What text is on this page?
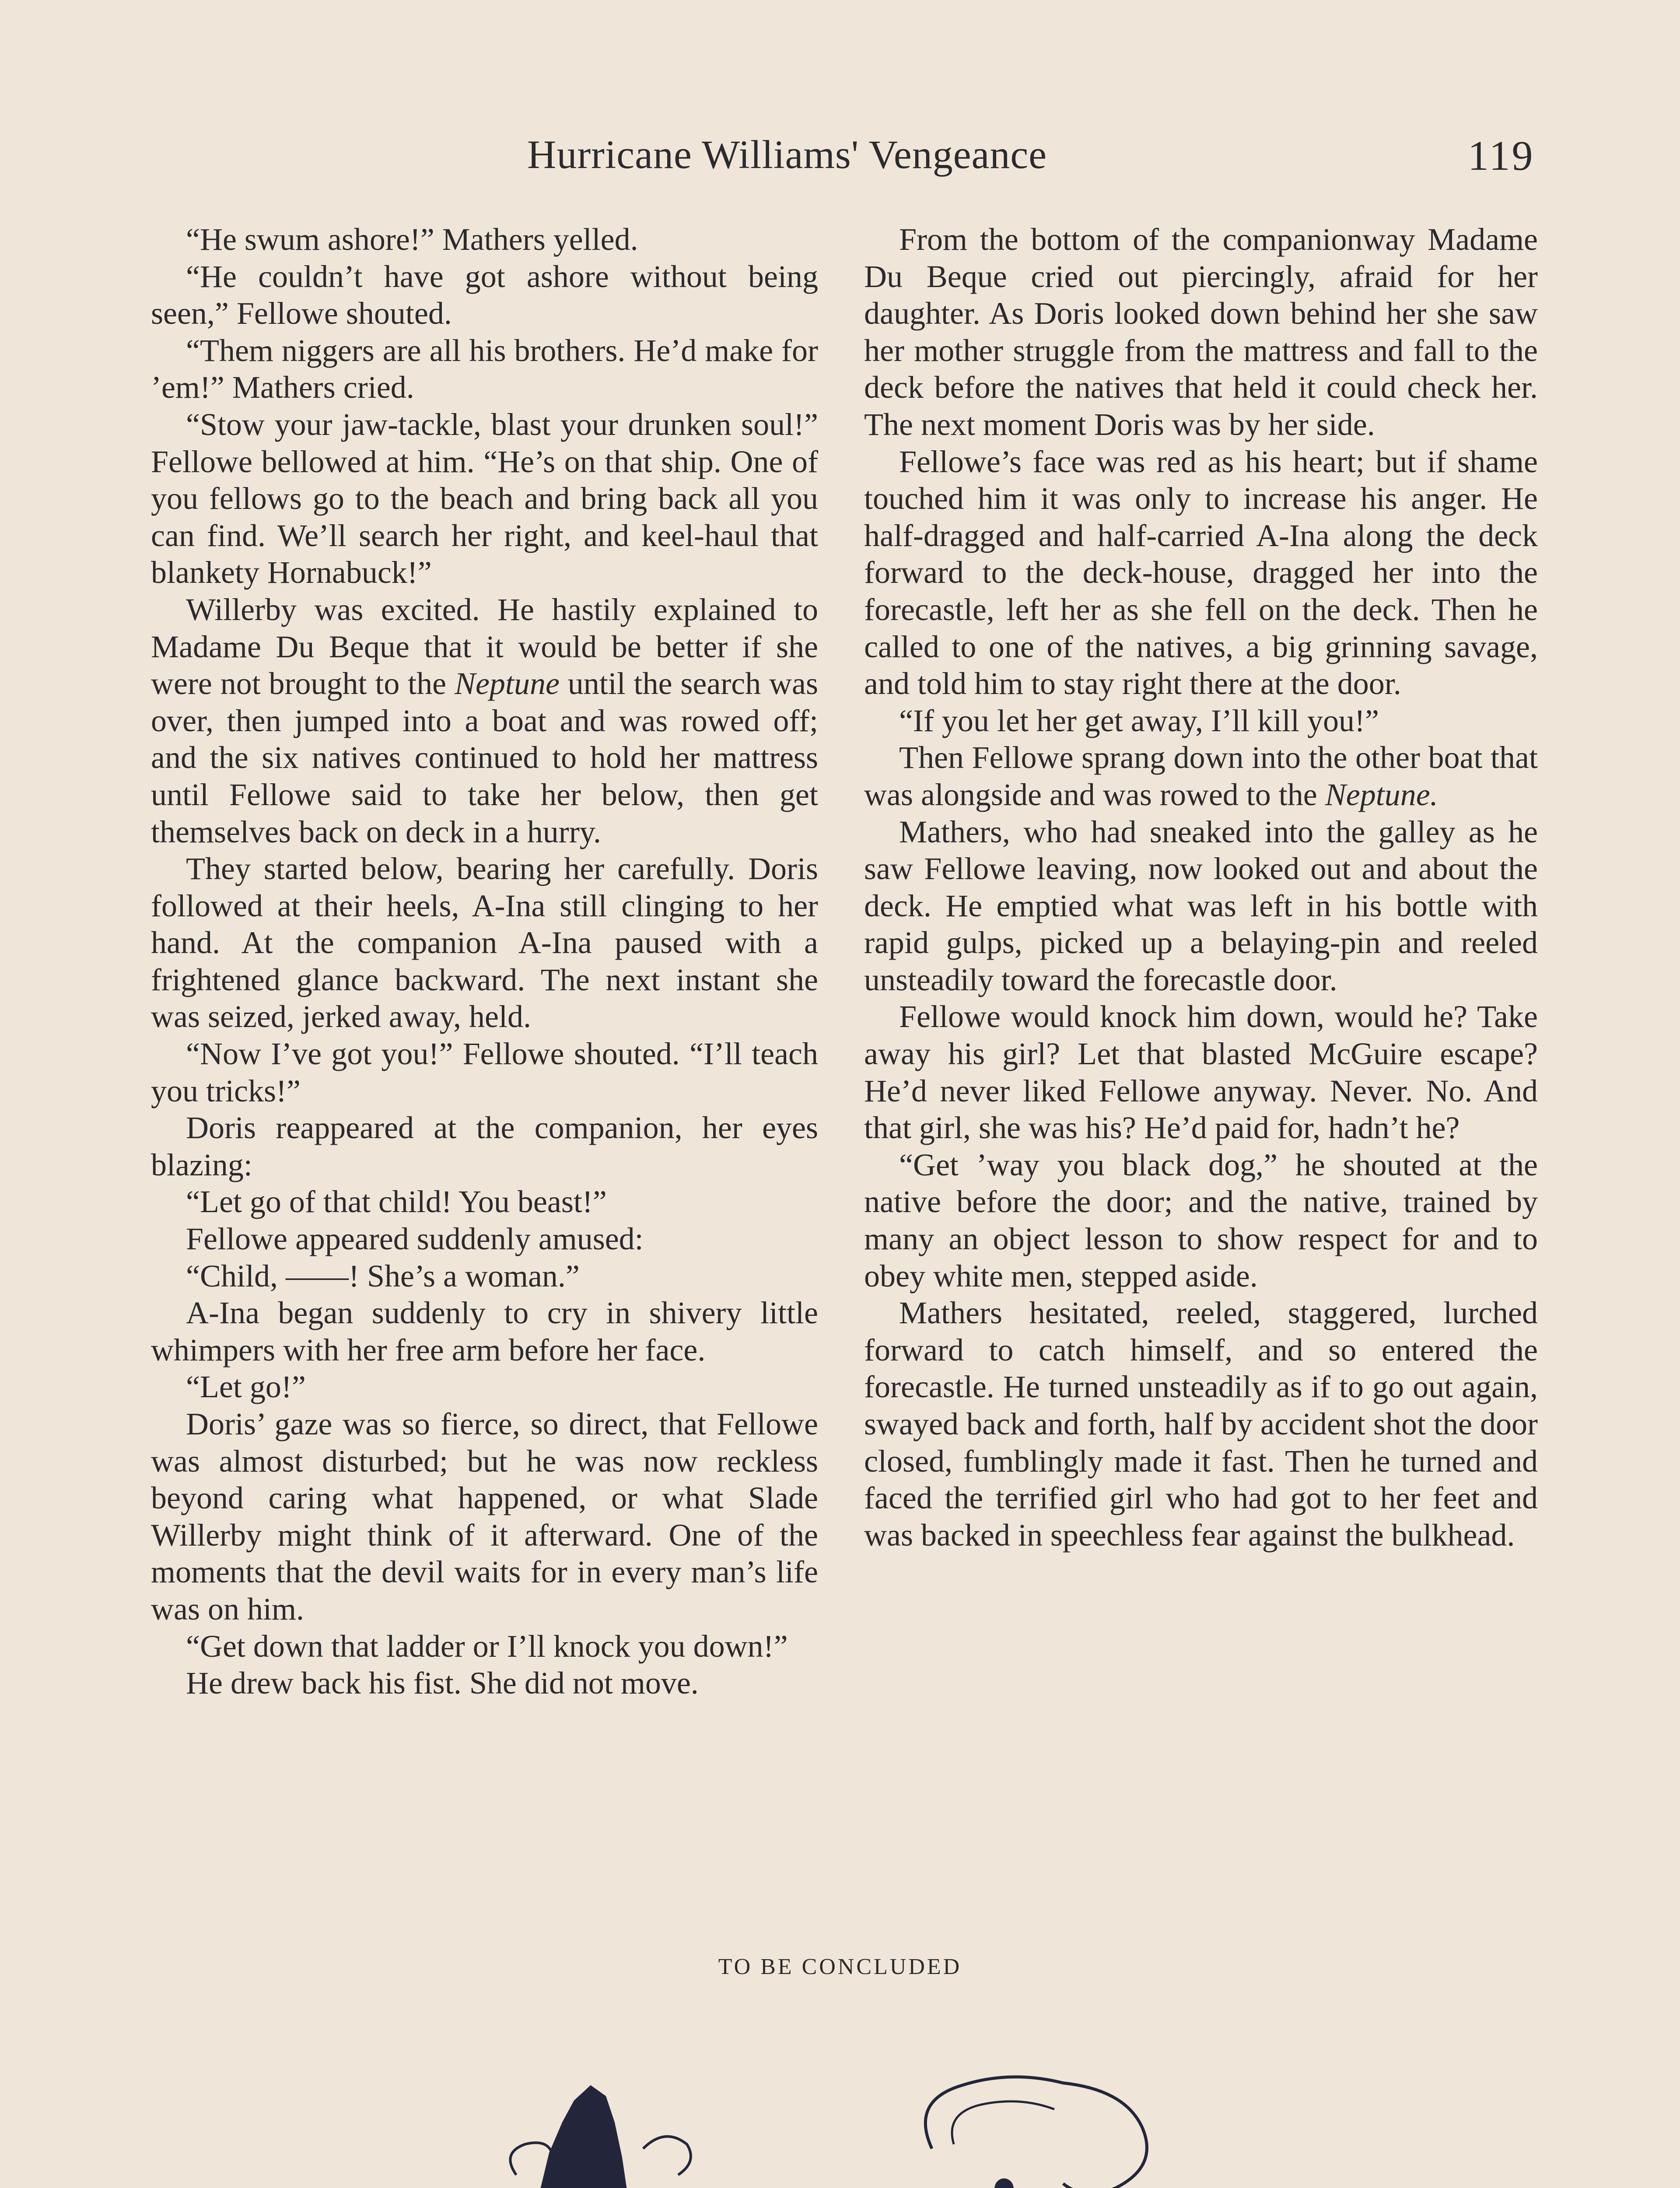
Hurricane Williams' Vengeance	119

“He swum ashore!” Mathers yelled.

“He couldn’t have got ashore without being seen,” Fellowe shouted.

“Them niggers are all his brothers. He’d make for ’em!” Mathers cried.

“Stow your jaw-tackle, blast your drunken soul!” Fellowe bellowed at him. “He’s on that ship. One of you fellows go to the beach and bring back all you can find. We’ll search her right, and keel-haul that blankety Hornabuck!”

Willerby was excited. He hastily explained to Madame Du Beque that it would be better if she were not brought to the Neptune until the search was over, then jumped into a boat and was rowed off; and the six natives continued to hold her mattress until Fellowe said to take her below, then get themselves back on deck in a hurry.

They started below, bearing her carefully. Doris followed at their heels, A-Ina still clinging to her hand. At the companion A-Ina paused with a frightened glance backward. The next instant she was seized, jerked away, held.

“Now I’ve got you!” Fellowe shouted. “I’ll teach you tricks!”

Doris reappeared at the companion, her eyes blazing:

“Let go of that child! You beast!”

Fellowe appeared suddenly amused:

“Child, ——! She’s a woman.”

A-Ina began suddenly to cry in shivery little whimpers with her free arm before her face.

“Let go!”

Doris’ gaze was so fierce, so direct, that Fellowe was almost disturbed; but he was now reckless beyond caring what happened, or what Slade Willerby might think of it afterward. One of the moments that the devil waits for in every man’s life was on him.

“Get down that ladder or I’ll knock you down!”

He drew back his fist. She did not move.

From the bottom of the companionway Madame Du Beque cried out piercingly, afraid for her daughter. As Doris looked down behind her she saw her mother struggle from the mattress and fall to the deck before the natives that held it could check her. The next moment Doris was by her side.

Fellowe’s face was red as his heart; but if shame touched him it was only to increase his anger. He half-dragged and half-carried A-Ina along the deck forward to the deck-house, dragged her into the forecastle, left her as she fell on the deck. Then he called to one of the natives, a big grinning savage, and told him to stay right there at the door.

“If you let her get away, I’ll kill you!”

Then Fellowe sprang down into the other boat that was alongside and was rowed to the Neptune.

Mathers, who had sneaked into the galley as he saw Fellowe leaving, now looked out and about the deck. He emptied what was left in his bottle with rapid gulps, picked up a belaying-pin and reeled unsteadily toward the forecastle door.

Fellowe would knock him down, would he? Take away his girl? Let that blasted McGuire escape? He’d never liked Fellowe anyway. Never. No. And that girl, she was his? He’d paid for, hadn’t he?

“Get ’way you black dog,” he shouted at the native before the door; and the native, trained by many an object lesson to show respect for and to obey white men, stepped aside.

Mathers hesitated, reeled, staggered, lurched forward to catch himself, and so entered the forecastle. He turned unsteadily as if to go out again, swayed back and forth, half by accident shot the door closed, fumblingly made it fast. Then he turned and faced the terrified girl who had got to her feet and was backed in speechless fear against the bulkhead.

TO BE CONCLUDED
